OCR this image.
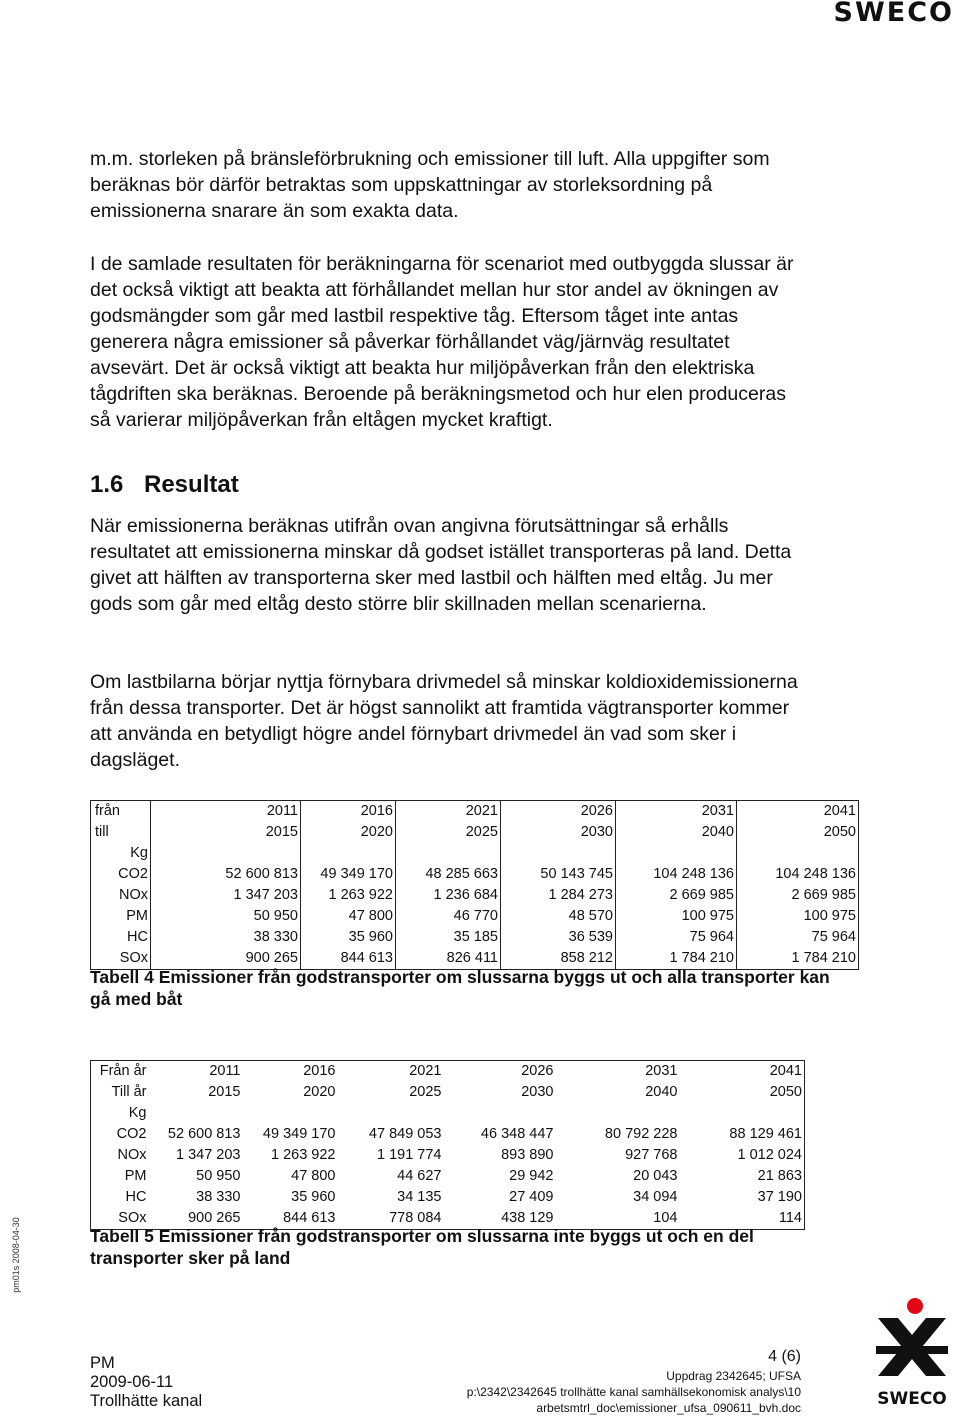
SWECO

m.m. storleken på bränsleförbrukning och emissioner till luft. Alla uppgifter som beräknas bör därför betraktas som uppskattningar av storleksordning på emissionerna snarare än som exakta data.

I de samlade resultaten för beräkningarna för scenariot med outbyggda slussar är det också viktigt att beakta att förhållandet mellan hur stor andel av ökningen av godsmängder som går med lastbil respektive tåg. Eftersom tåget inte antas generera några emissioner så påverkar förhållandet väg/järnväg resultatet avsevärt. Det är också viktigt att beakta hur miljöpåverkan från den elektriska tågdriften ska beräknas. Beroende på beräkningsmetod och hur elen produceras så varierar miljöpåverkan från eltågen mycket kraftigt.

1.6 Resultat

När emissionerna beräknas utifrån ovan angivna förutsättningar så erhålls resultatet att emissionerna minskar då godset istället transporteras på land. Detta givet att hälften av transporterna sker med lastbil och hälften med eltåg. Ju mer gods som går med eltåg desto större blir skillnaden mellan scenarierna.

Om lastbilarna börjar nyttja förnybara drivmedel så minskar koldioxidemissionerna från dessa transporter. Det är högst sannolikt att framtida vägtransporter kommer att använda en betydligt högre andel förnybart drivmedel än vad som sker i dagsläget.

från	2011	2016	2021	2026	2031	2041
till	2015	2020	2025	2030	2040	2050
Kg						
CO2	52 600 813	49 349 170	48 285 663	50 143 745	104 248 136	104 248 136
NOx	1 347 203	1 263 922	1 236 684	1 284 273	2 669 985	2 669 985
PM	50 950	47 800	46 770	48 570	100 975	100 975
HC	38 330	35 960	35 185	36 539	75 964	75 964
SOx	900 265	844 613	826 411	858 212	1 784 210	1 784 210

Tabell 4 Emissioner från godstransporter om slussarna byggs ut och alla transporter kan gå med båt

Från år	2011	2016	2021	2026	2031	2041
Till år	2015	2020	2025	2030	2040	2050
Kg						
CO2	52 600 813	49 349 170	47 849 053	46 348 447	80 792 228	88 129 461
NOx	1 347 203	1 263 922	1 191 774	893 890	927 768	1 012 024
PM	50 950	47 800	44 627	29 942	20 043	21 863
HC	38 330	35 960	34 135	27 409	34 094	37 190
SOx	900 265	844 613	778 084	438 129	104	114

Tabell 5 Emissioner från godstransporter om slussarna inte byggs ut och en del transporter sker på land

pm01s 2008-04-30
PM
2009-06-11
Trollhätte kanal
4 (6)
Uppdrag 2342645; UFSA
p:\2342\2342645 trollhätte kanal samhällsekonomisk analys\10
arbetsmtrl_doc\emissioner_ufsa_090611_bvh.doc	SWECO
